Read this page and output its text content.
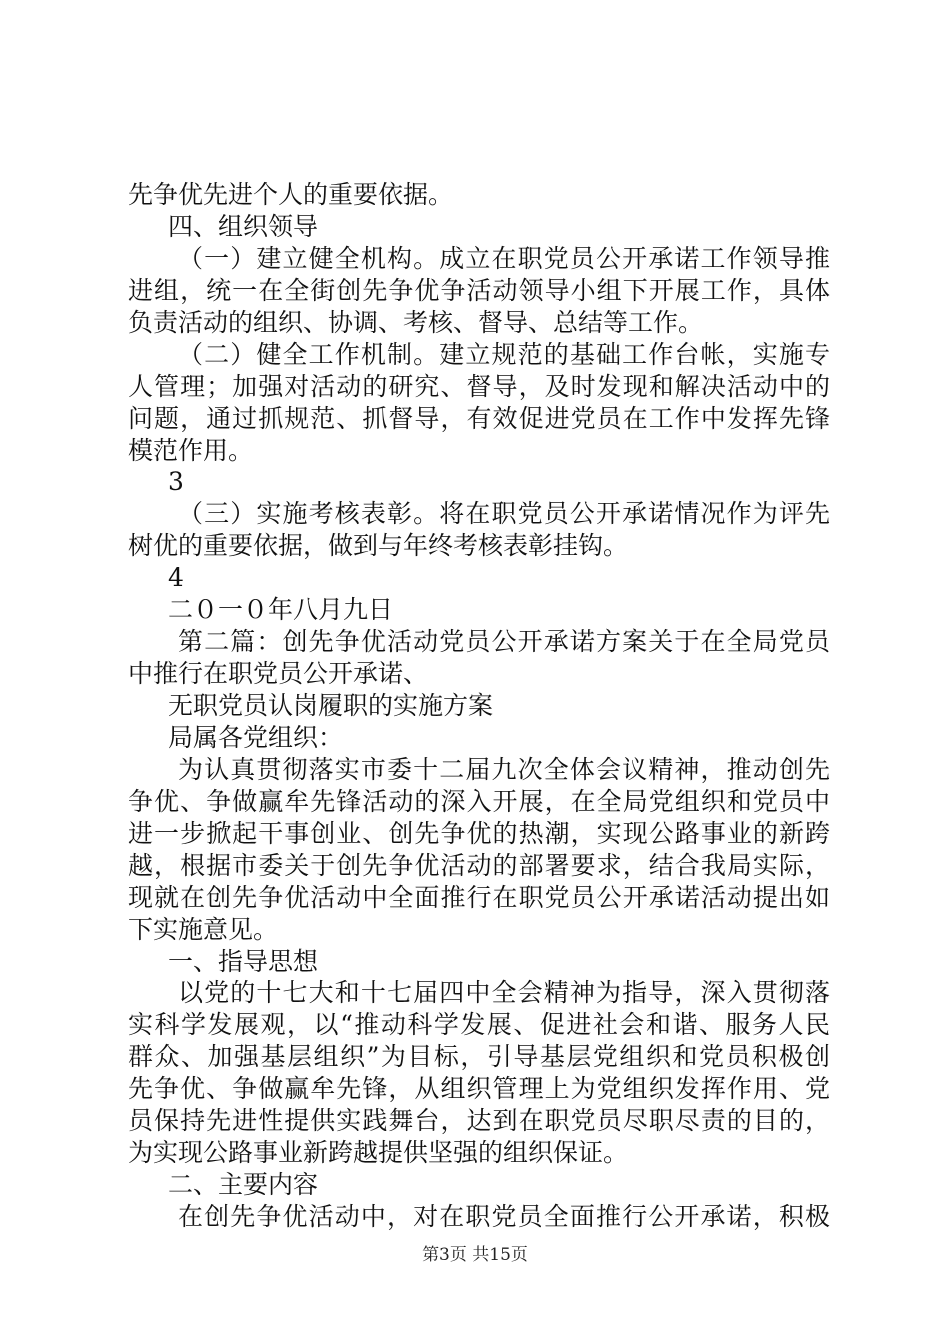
先争优先进个人的重要依据。
四、组织领导
（一）建立健全机构。成立在职党员公开承诺工作领导推
进组，统一在全街创先争优争活动领导小组下开展工作，具体
负责活动的组织、协调、考核、督导、总结等工作。
（二）健全工作机制。建立规范的基础工作台帐，实施专
人管理；加强对活动的研究、督导，及时发现和解决活动中的
问题，通过抓规范、抓督导，有效促进党员在工作中发挥先锋
模范作用。
3
（三）实施考核表彰。将在职党员公开承诺情况作为评先
树优的重要依据，做到与年终考核表彰挂钩。
4
二０一０年八月九日
第二篇：创先争优活动党员公开承诺方案关于在全局党员
中推行在职党员公开承诺、
无职党员认岗履职的实施方案
局属各党组织：
为认真贯彻落实市委十二届九次全体会议精神，推动创先
争优、争做赢牟先锋活动的深入开展，在全局党组织和党员中
进一步掀起干事创业、创先争优的热潮，实现公路事业的新跨
越，根据市委关于创先争优活动的部署要求，结合我局实际，
现就在创先争优活动中全面推行在职党员公开承诺活动提出如
下实施意见。
一、指导思想
以党的十七大和十七届四中全会精神为指导，深入贯彻落
实科学发展观，以“推动科学发展、促进社会和谐、服务人民
群众、加强基层组织”为目标，引导基层党组织和党员积极创
先争优、争做赢牟先锋，从组织管理上为党组织发挥作用、党
员保持先进性提供实践舞台，达到在职党员尽职尽责的目的，
为实现公路事业新跨越提供坚强的组织保证。
第3页 共15页
二、主要内容
在创先争优活动中，对在职党员全面推行公开承诺，积极
